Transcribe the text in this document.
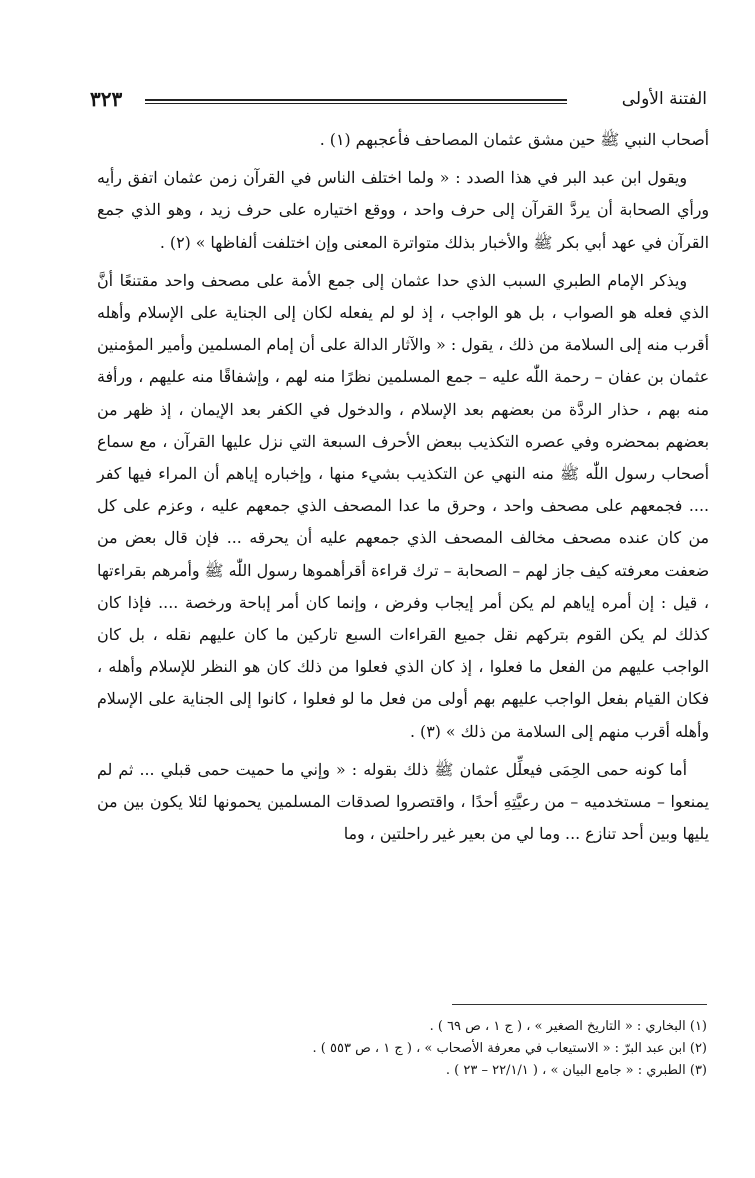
الفتنة الأولى
٣٢٣

أصحاب النبي ﷺ حين مشق عثمان المصاحف فأعجبهم (١) .

ويقول ابن عبد البر في هذا الصدد : « ولما اختلف الناس في القرآن زمن عثمان اتفق رأيه ورأي الصحابة أن يردَّ القرآن إلى حرف واحد ، ووقع اختياره على حرف زيد ، وهو الذي جمع القرآن في عهد أبي بكر ﷺ والأخبار بذلك متواترة المعنى وإن اختلفت ألفاظها » (٢) .

ويذكر الإمام الطبري السبب الذي حدا عثمان إلى جمع الأمة على مصحف واحد مقتنعًا أنَّ الذي فعله هو الصواب ، بل هو الواجب ، إذ لو لم يفعله لكان إلى الجناية على الإسلام وأهله أقرب منه إلى السلامة من ذلك ، يقول : « والآثار الدالة على أن إمام المسلمين وأمير المؤمنين عثمان بن عفان – رحمة اللّٰه عليه – جمع المسلمين نظرًا منه لهم ، وإشفاقًا منه عليهم ، ورأفة منه بهم ، حذار الردَّة من بعضهم بعد الإسلام ، والدخول في الكفر بعد الإيمان ، إذ ظهر من بعضهم بمحضره وفي عصره التكذيب ببعض الأحرف السبعة التي نزل عليها القرآن ، مع سماع أصحاب رسول اللّٰه ﷺ منه النهي عن التكذيب بشيء منها ، وإخباره إياهم أن المراء فيها كفر .... فجمعهم على مصحف واحد ، وحرق ما عدا المصحف الذي جمعهم عليه ، وعزم على كل من كان عنده مصحف مخالف المصحف الذي جمعهم عليه أن يحرقه ... فإن قال بعض من ضعفت معرفته كيف جاز لهم – الصحابة – ترك قراءة أقرأهموها رسول اللّٰه ﷺ وأمرهم بقراءتها ، قيل : إن أمره إياهم لم يكن أمر إيجاب وفرض ، وإنما كان أمر إباحة ورخصة .... فإذا كان كذلك لم يكن القوم بتركهم نقل جميع القراءات السبع تاركين ما كان عليهم نقله ، بل كان الواجب عليهم من الفعل ما فعلوا ، إذ كان الذي فعلوا من ذلك كان هو النظر للإسلام وأهله ، فكان القيام بفعل الواجب عليهم بهم أولى من فعل ما لو فعلوا ، كانوا إلى الجناية على الإسلام وأهله أقرب منهم إلى السلامة من ذلك » (٣) .

أما كونه حمى الحِمَى فيعلِّل عثمان ﷺ ذلك بقوله : « وإني ما حميت حمى قبلي ... ثم لم يمنعوا – مستخدميه – من رعيَّتِهِ أحدًا ، واقتصروا لصدقات المسلمين يحمونها لئلا يكون بين من يليها وبين أحد تنازع ... وما لي من بعير غير راحلتين ، وما

(١) البخاري : « التاريخ الصغير » ، ( ج ١ ، ص ٦٩ ) .

(٢) ابن عبد البرّ : « الاستيعاب في معرفة الأصحاب » ، ( ج ١ ، ص ٥٥٣ ) .

(٣) الطبري : « جامع البيان » ، ( ٢٢/١/١ – ٢٣ ) .
